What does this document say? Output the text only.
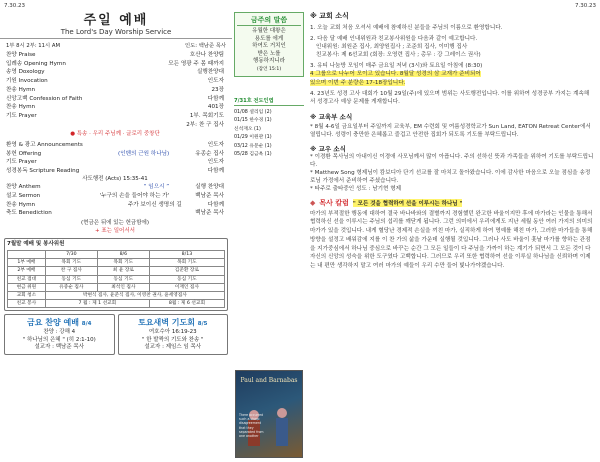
7.30.23
주일 예배
The Lord's Day Worship Service
1부 8시 2부: 11시 AM	인도: 백남준 목사
찬양 Praise	호산나 찬양팀
입례송 Opening Hymn	모든 영광 주 몸 때까지
송영 Doxology	실행찬양대
기원 Invocation	인도자
찬송 Hymn	23장
신앙고백 Confession of Faith	다함께
찬송 Hymn	401장
기도 Prayer	1부. 목회기도
2부: 찬 구 집사
● 특송 · 우리 주님께 · 글로리 중창단
환영 & 광고 Announcements	인도자
봉헌 Offering	(인벤의 근원 하나님)	유종순 집사
기도 Prayer	인도자
성경봉독 Scripture Reading	다함께
사도행전 (Acts) 15:35-41
찬양 Anthem	“ 임으시 ”	실행 찬양대
설교 Sermon	'누구의 손을 들어야 하는 가'	백남준 목사
찬송 Hymn	주가 보이신 생명의 길	다함께
축도 Benediction	백남준 목사
(현금은 뒤에 있는 헌금함에)
+ 표는 일어서서
7월말 예배 및 봉사위원
	7/30	8/6	8/13
1부 예배	목회 기도	목회 기도	목회 기도
2부 예배	찬 구 집사	최 윤 장로	김준환 장로
친교 접대	동심 기도	동심 기도	동심 기도
현금 위원	유중순 집사	최석인 집사	이재인 집사
교회 청소	박현식 집사, 윤준식 집사, 이영찬 권사, 윤세영집사		
친교 봉사	7 월 : 제 1 선교회		8월 : 제 6 선교회
금요 찬양 예배 8/4
찬양 : 강해 4
" 하나님의 은혜 " (히 2:1-10)
설교자 : 백남준 목사
토요새벽 기도회 8/5
여호수아 16:19-23
" 한 발짝의 기도와 찬송 "
설교자 : 제임스 임 목사
금주의 말씀
유월한 대왕은
용도를 에게
하여도 거치인
받은 노를
행동하지니라
(잠언 15:1)
7/31호 전도인엽
01/08 셜리임 (2)
01/15 한수경 (1)
신석재오 (1)
01/29 이원관 (1)
03/12 유문순 (1)
05/28 김금옥 (1)
Paul and Barnabas
There occurred such a sharp disagreement that they separated from one another
7.30.23
※ 교회 소식
1. 오늘 교회 처음 오셔서 예배에 참예하신 분들을 주님의 이름으로 환영합니다.
2. 다음 달 예배 인내위원과 친교봉사위원을 다음과 같이 예고합니다.
인내위원: 최원준 집사, 최양원집사 ; 조준희 집사, 이미행 집사
친교봉사: 제 6선교회 (회장: 오영련 집사 ; 총무 : 강 그레이스 권사)
3. 유티 나눔방 모임이 매주 금요일 저녁 (3시)와 토요일 아침에 (8:30)
4 그룹으로 나누어 모이고 있습니다. 8월달 성경의 삼 교재가 준비되어
있으며 이번 주 분량은 17-18장입니다.
4. 23년도 성경 고사 대회가 10월 29일(주)에 있으며 범위는 사도행전입니다. 이를 위하여 성경공부 가지는 계속해서 성경고사 예상 문제를 게재합니다.
※ 교육부 소식
* 8월 4-6일 금요일부터 주일까지 교육부, EM 수련회 및 여름성경학교가 Sun Land, EATON Retreat Center에서 열립니다. 성령이 충만한 은혜롭고 즐겁고 안전한 집회가 되도록 기도를 부탁드립니다.
※ 교우 소식
* 이경환 목사님의 아내이신 이경애 사모님께서 많이 아픕니다. 주의 선하신 뜻과 가족들을 위하여 기도를 부탁드립니다.
* Matthew Song 형제님이 캄보디아 단기 선교를 잘 마치고 돌아왔습니다. 이에 감사한 마음으로 오늘 점심을 송정로님 가정에서 준비하여 주셨습니다.
* 타주로 출타중인 성도 : 남기현 형제
◆ 목사 칼럼 " 모든 것을 협력하여 선을 이루시는 하나님 "
마가의 부적절한 행동에 대하여 결국 바나바와의 결별까지 경험했던 완고한 바울이지만 후에 마가라는 인물을 통해서 협력하신 선을 이루시는 주님의 섭리를 깨닫게 됩니다. 그런 의미에서 우리에게도 지난 세월 동안 여러 가지의 의미의 마가가 있을 것입니다. 내게 혈당난 경제적 손실을 끼친 마가, 실직하게 하여 명예를 해친 마가, 그러한 마가들을 통해 방향을 설정고 배워감에 지를 이 찬 가의 삶을 가운데 실행될 것입니다. 그러나 사도 바울이 훗날 마가를 향하는 관점을 지가중심에서 하나님 중심으로 바꾸는 순간 그 모든 일들이 다 주님을 가까이 하는 계기가 되면서 그 모든 것이 다 자신의 신앙의 성숙을 위한 도구였다 고백합니다. 그러므로 우리 또한 협력하여 선을 이루실 하나님을 신뢰하며 이제는 내 편만 생각하지 말고 여러 마가의 예들이 우리 수만 들어 빛나가야겠습니다.
